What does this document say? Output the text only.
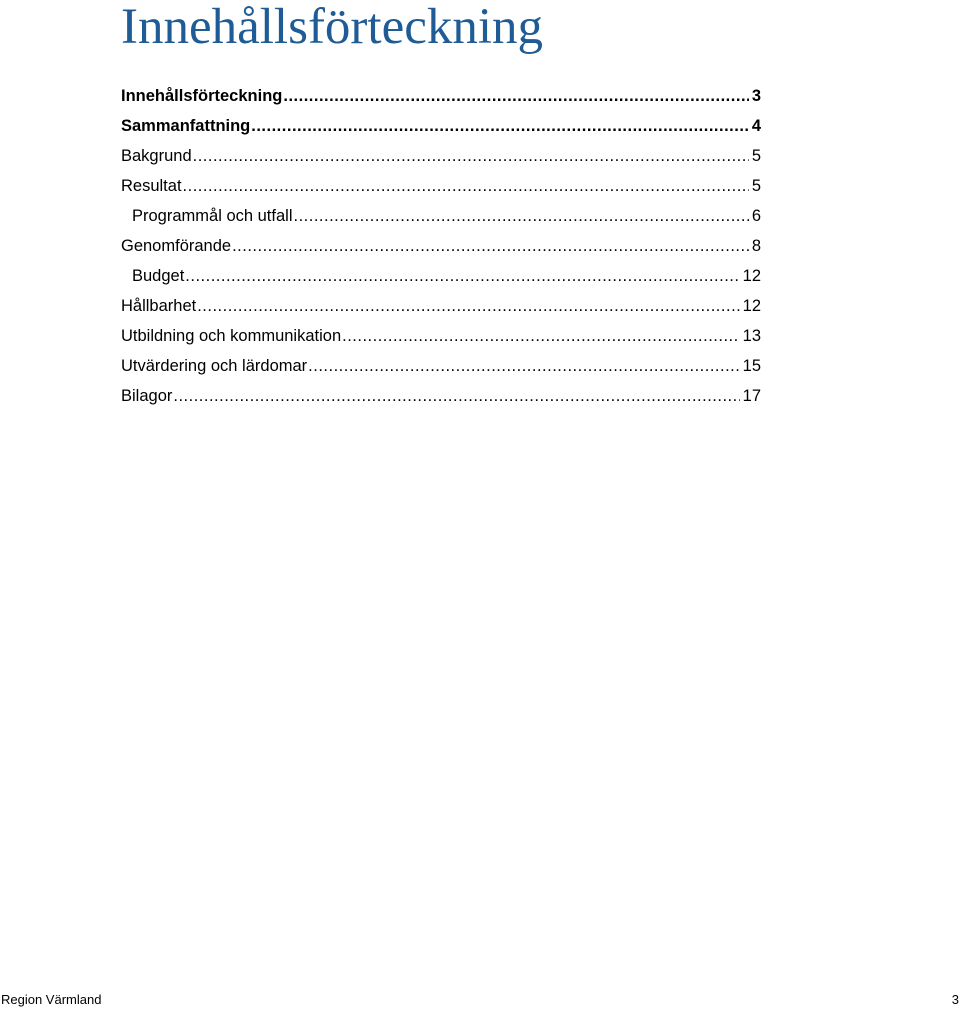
Innehållsförteckning
Innehållsförteckning .....	3
Sammanfattning .....	4
Bakgrund .....	5
Resultat .....	5
Programmål och utfall .....	6
Genomförande .....	8
Budget .....	12
Hållbarhet .....	12
Utbildning och kommunikation .....	13
Utvärdering och lärdomar .....	15
Bilagor .....	17
Region Värmland	3
